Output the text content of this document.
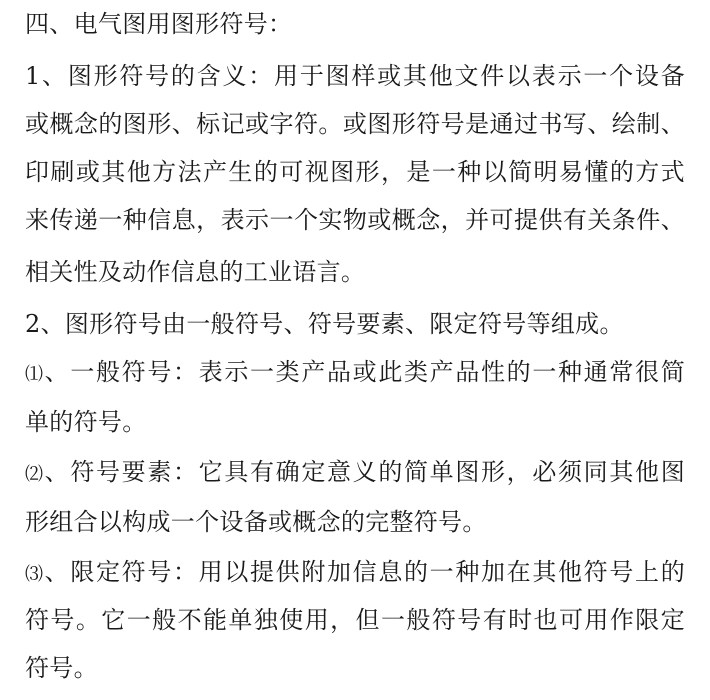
四、电气图用图形符号：
1、图形符号的含义：用于图样或其他文件以表示一个设备
或概念的图形、标记或字符。或图形符号是通过书写、绘制、
印刷或其他方法产生的可视图形，是一种以简明易懂的方式
来传递一种信息，表示一个实物或概念，并可提供有关条件、
相关性及动作信息的工业语言。
2、图形符号由一般符号、符号要素、限定符号等组成。
⑴、一般符号：表示一类产品或此类产品性的一种通常很简
单的符号。
⑵、符号要素：它具有确定意义的简单图形，必须同其他图
形组合以构成一个设备或概念的完整符号。
⑶、限定符号：用以提供附加信息的一种加在其他符号上的
符号。它一般不能单独使用，但一般符号有时也可用作限定
符号。
